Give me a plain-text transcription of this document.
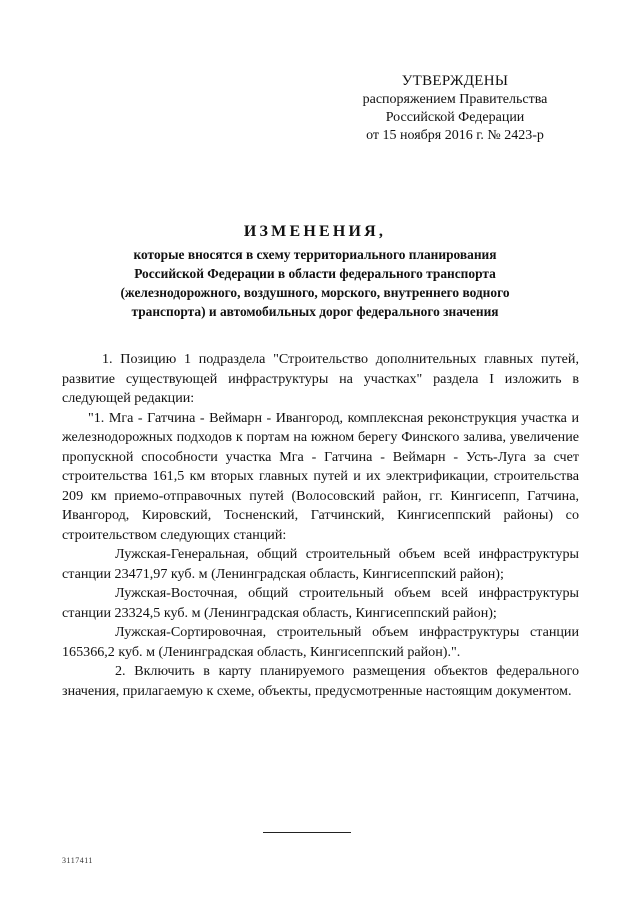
УТВЕРЖДЕНЫ
распоряжением Правительства
Российской Федерации
от 15 ноября 2016 г. № 2423-р
ИЗМЕНЕНИЯ,
которые вносятся в схему территориального планирования
Российской Федерации в области федерального транспорта
(железнодорожного, воздушного, морского, внутреннего водного
транспорта) и автомобильных дорог федерального значения

1. Позицию 1 подраздела "Строительство дополнительных главных путей, развитие существующей инфраструктуры на участках" раздела I изложить в следующей редакции:

"1. Мга - Гатчина - Веймарн - Ивангород, комплексная реконструкция участка и железнодорожных подходов к портам на южном берегу Финского залива, увеличение пропускной способности участка Мга - Гатчина - Веймарн - Усть-Луга за счет строительства 161,5 км вторых главных путей и их электрификации, строительства 209 км приемо-отправочных путей (Волосовский район, гг. Кингисепп, Гатчина, Ивангород, Кировский, Тосненский, Гатчинский, Кингисеппский районы) со строительством следующих станций:

Лужская-Генеральная, общий строительный объем всей инфраструктуры станции 23471,97 куб. м (Ленинградская область, Кингисеппский район);

Лужская-Восточная, общий строительный объем всей инфраструктуры станции 23324,5 куб. м (Ленинградская область, Кингисеппский район);

Лужская-Сортировочная, строительный объем инфраструктуры станции 165366,2 куб. м (Ленинградская область, Кингисеппский район).".

2. Включить в карту планируемого размещения объектов федерального значения, прилагаемую к схеме, объекты, предусмотренные настоящим документом.

3117411
